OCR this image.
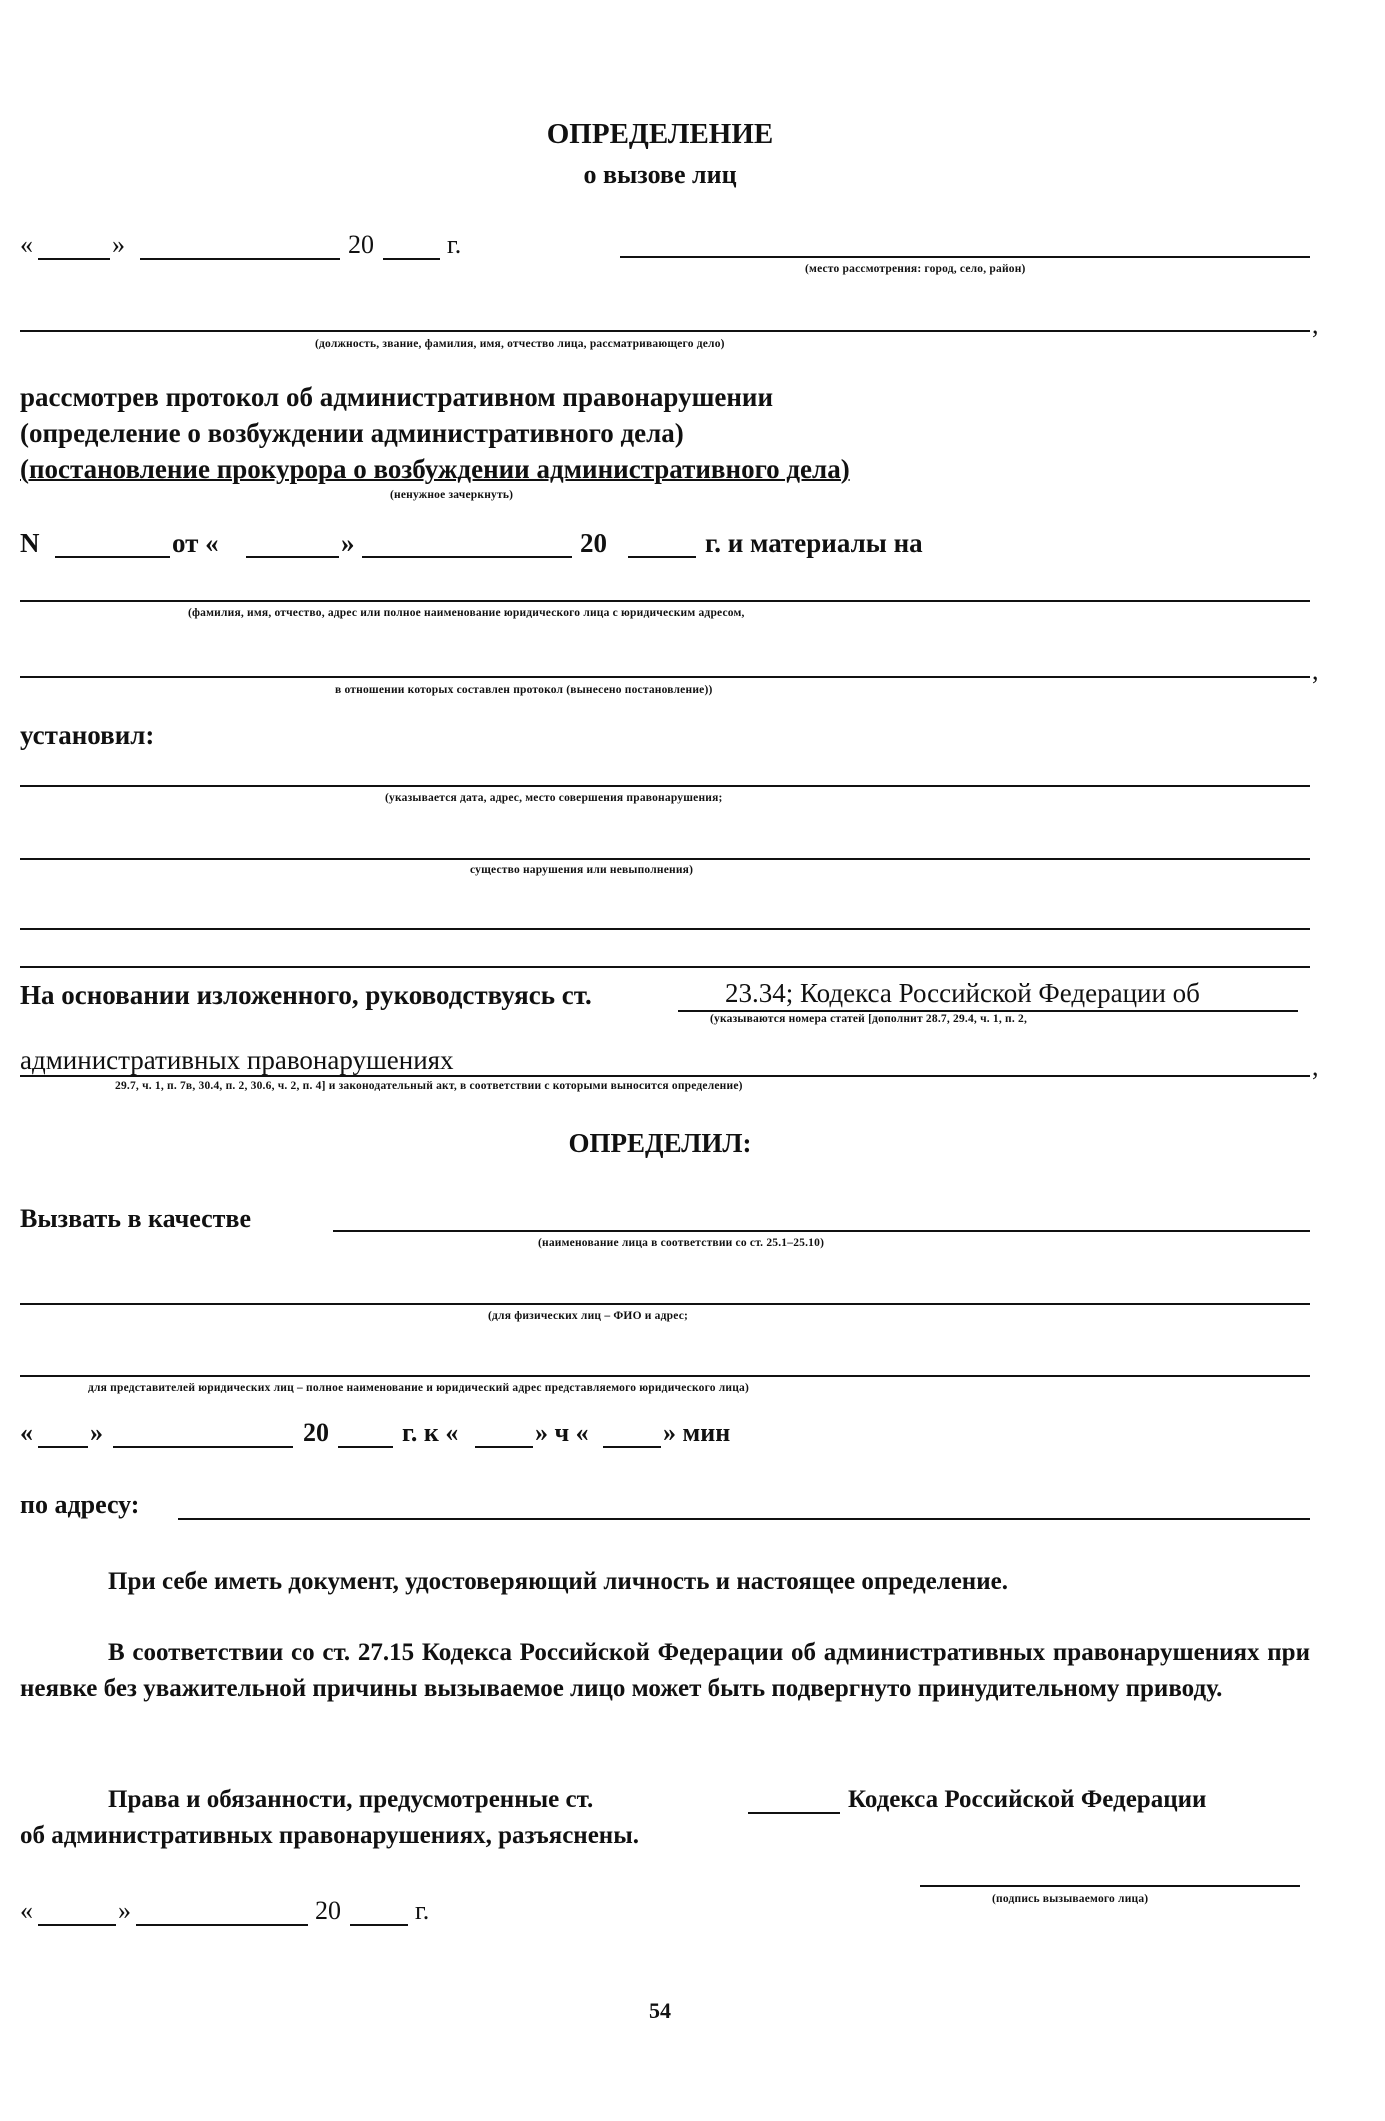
ОПРЕДЕЛЕНИЕ
о вызове лиц
«	»	20	г.
(место рассмотрения: город, село, район)
,
(должность, звание, фамилия, имя, отчество лица, рассматривающего дело)
рассмотрев протокол об административном правонарушении
(определение о возбуждении административного дела)
(постановление прокурора о возбуждении административного дела)
(ненужное зачеркнуть)
N	от «	»	20	г. и материалы на
(фамилия, имя, отчество, адрес или полное наименование юридического лица с юридическим адресом,
,
в отношении которых составлен протокол (вынесено постановление))
установил:
(указывается дата, адрес, место совершения правонарушения;
существо нарушения или невыполнения)
На основании изложенного, руководствуясь ст.	23.34; Кодекса Российской Федерации об
(указываются номера статей [дополнит 28.7, 29.4, ч. 1, п. 2,
административных правонарушениях	,
29.7, ч. 1, п. 7в, 30.4, п. 2, 30.6, ч. 2, п. 4] и законодательный акт, в соответствии с которыми выносится определение)
ОПРЕДЕЛИЛ:
Вызвать в качестве
(наименование лица в соответствии со ст. 25.1–25.10)
(для физических лиц – ФИО и адрес;
для представителей юридических лиц – полное наименование и юридический адрес представляемого юридического лица)
« »	20	г. к «	» ч «	» мин
по адресу:
При себе иметь документ, удостоверяющий личность и настоящее определение.
В соответствии со ст. 27.15 Кодекса Российской Федерации об административных правонарушениях при неявке без уважительной причины вызываемое лицо может быть подвергнуто принудительному приводу.
Права и обязанности, предусмотренные ст.	Кодекса Российской Федерации
об административных правонарушениях, разъяснены.
«	»	20	г.	(подпись вызываемого лица)
54
